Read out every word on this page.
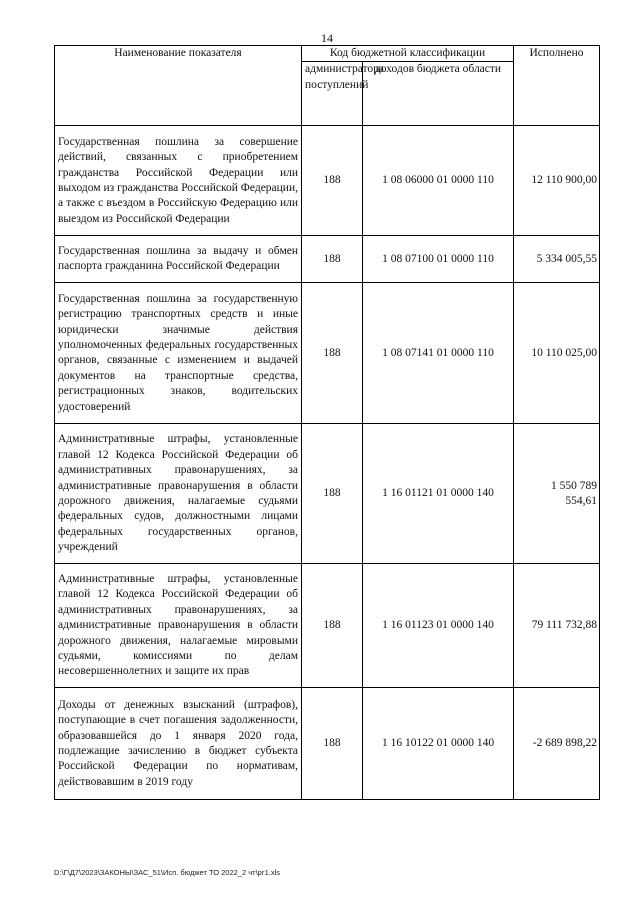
14
Наименование показателя	Код бюджетной классификации		Исполнено
	администратора поступлений	доходов бюджета области	
Государственная пошлина за совершение действий, связанных с приобретением гражданства Российской Федерации или выходом из гражданства Российской Федерации, а также с въездом в Российскую Федерацию или выездом из Российской Федерации	188	1 08 06000 01 0000 110	12 110 900,00
Государственная пошлина за выдачу и обмен паспорта гражданина Российской Федерации	188	1 08 07100 01 0000 110	5 334 005,55
Государственная пошлина за государственную регистрацию транспортных средств и иные юридически значимые действия уполномоченных федеральных государственных органов, связанные с изменением и выдачей документов на транспортные средства, регистрационных знаков, водительских удостоверений	188	1 08 07141 01 0000 110	10 110 025,00
Административные штрафы, установленные главой 12 Кодекса Российской Федерации об административных правонарушениях, за административные правонарушения в области дорожного движения, налагаемые судьями федеральных судов, должностными лицами федеральных государственных органов, учреждений	188	1 16 01121 01 0000 140	1 550 789 554,61
Административные штрафы, установленные главой 12 Кодекса Российской Федерации об административных правонарушениях, за административные правонарушения в области дорожного движения, налагаемые мировыми судьями, комиссиями по делам несовершеннолетних и защите их прав	188	1 16 01123 01 0000 140	79 111 732,88
Доходы от денежных взысканий (штрафов), поступающие в счет погашения задолженности, образовавшейся до 1 января 2020 года, подлежащие зачислению в бюджет субъекта Российской Федерации по нормативам, действовавшим в 2019 году	188	1 16 10122 01 0000 140	-2 689 898,22
D:\Г\Д7\2023\ЗАКОНЫ\ЗАС_51\Исп. бюджет ТО 2022_2 чт\рг1.xls
